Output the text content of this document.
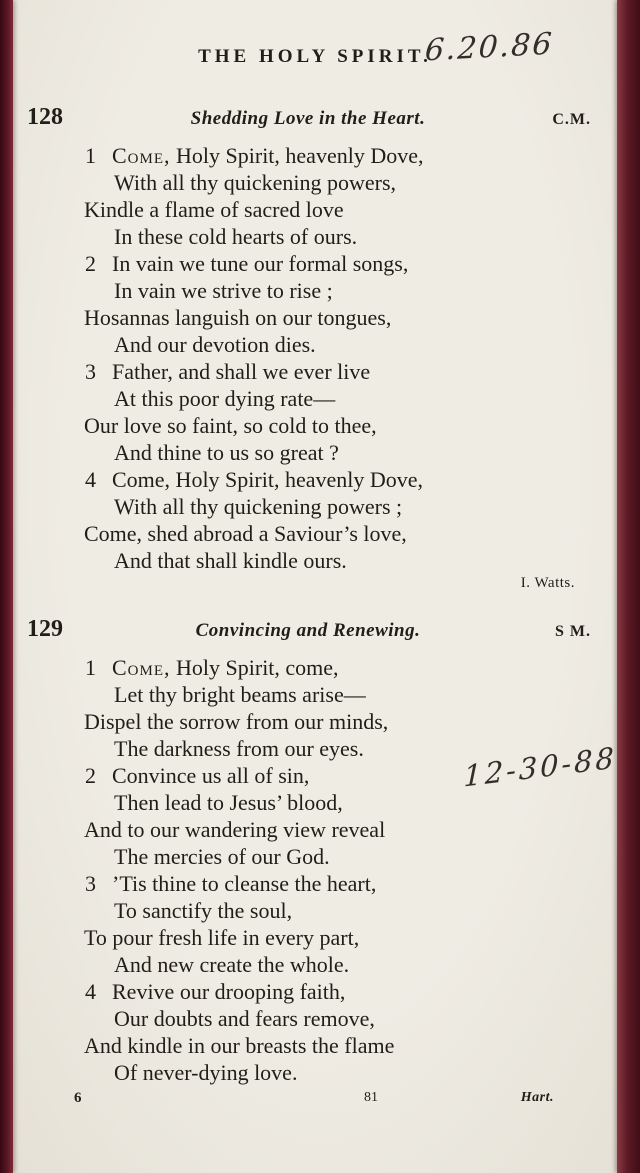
THE HOLY SPIRIT.
6.20.86
128	Shedding Love in the Heart.	C.M.
1 Come, Holy Spirit, heavenly Dove,
With all thy quickening powers,
Kindle a flame of sacred love
In these cold hearts of ours.
2 In vain we tune our formal songs,
In vain we strive to rise ;
Hosannas languish on our tongues,
And our devotion dies.
3 Father, and shall we ever live
At this poor dying rate—
Our love so faint, so cold to thee,
And thine to us so great ?
4 Come, Holy Spirit, heavenly Dove,
With all thy quickening powers ;
Come, shed abroad a Saviour’s love,
And that shall kindle ours.
I. Watts.
129	Convincing and Renewing.	S M.
1 Come, Holy Spirit, come,
Let thy bright beams arise—
Dispel the sorrow from our minds,
The darkness from our eyes.
2 Convince us all of sin,	12-30-88
Then lead to Jesus’ blood,
And to our wandering view reveal
The mercies of our God.
3 ’Tis thine to cleanse the heart,
To sanctify the soul,
To pour fresh life in every part,
And new create the whole.
4 Revive our drooping faith,
Our doubts and fears remove,
And kindle in our breasts the flame
Of never-dying love.
6	81	Hart.
